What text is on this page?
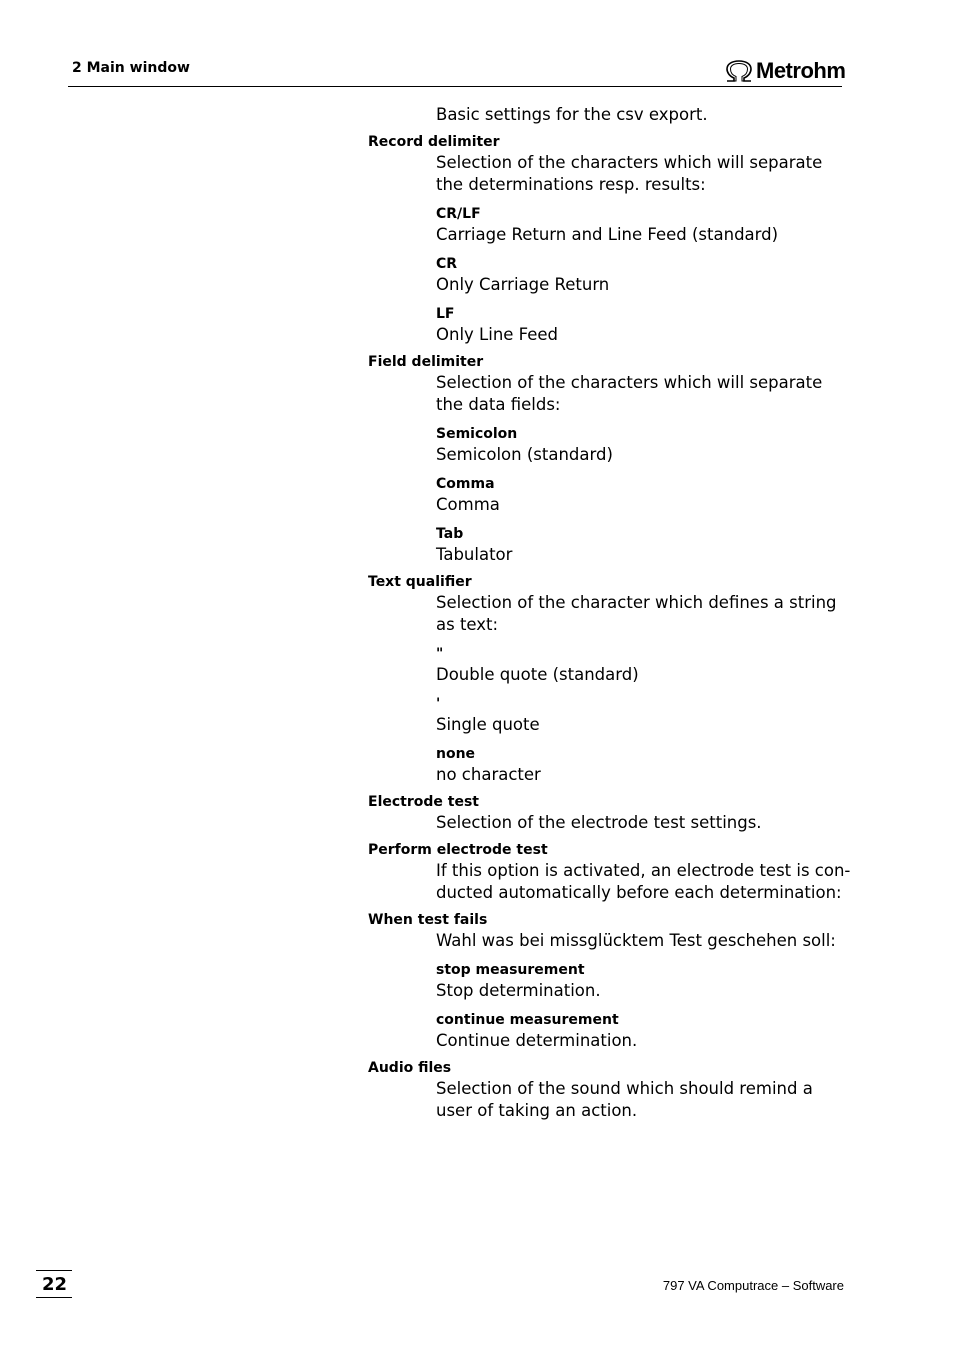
2 Main window	Metrohm
Basic settings for the csv export.
Record delimiter
Selection of the characters which will separate the determinations resp. results:
CR/LF
Carriage Return and Line Feed (standard)
CR
Only Carriage Return
LF
Only Line Feed
Field delimiter
Selection of the characters which will separate the data fields:
Semicolon
Semicolon (standard)
Comma
Comma
Tab
Tabulator
Text qualifier
Selection of the character which defines a string as text:
"
Double quote (standard)
'
Single quote
none
no character
Electrode test
Selection of the electrode test settings.
Perform electrode test
If this option is activated, an electrode test is con-ducted automatically before each determination:
When test fails
Wahl was bei missglücktem Test geschehen soll:
stop measurement
Stop determination.
continue measurement
Continue determination.
Audio files
Selection of the sound which should remind a user of taking an action.
22	797 VA Computrace – Software
